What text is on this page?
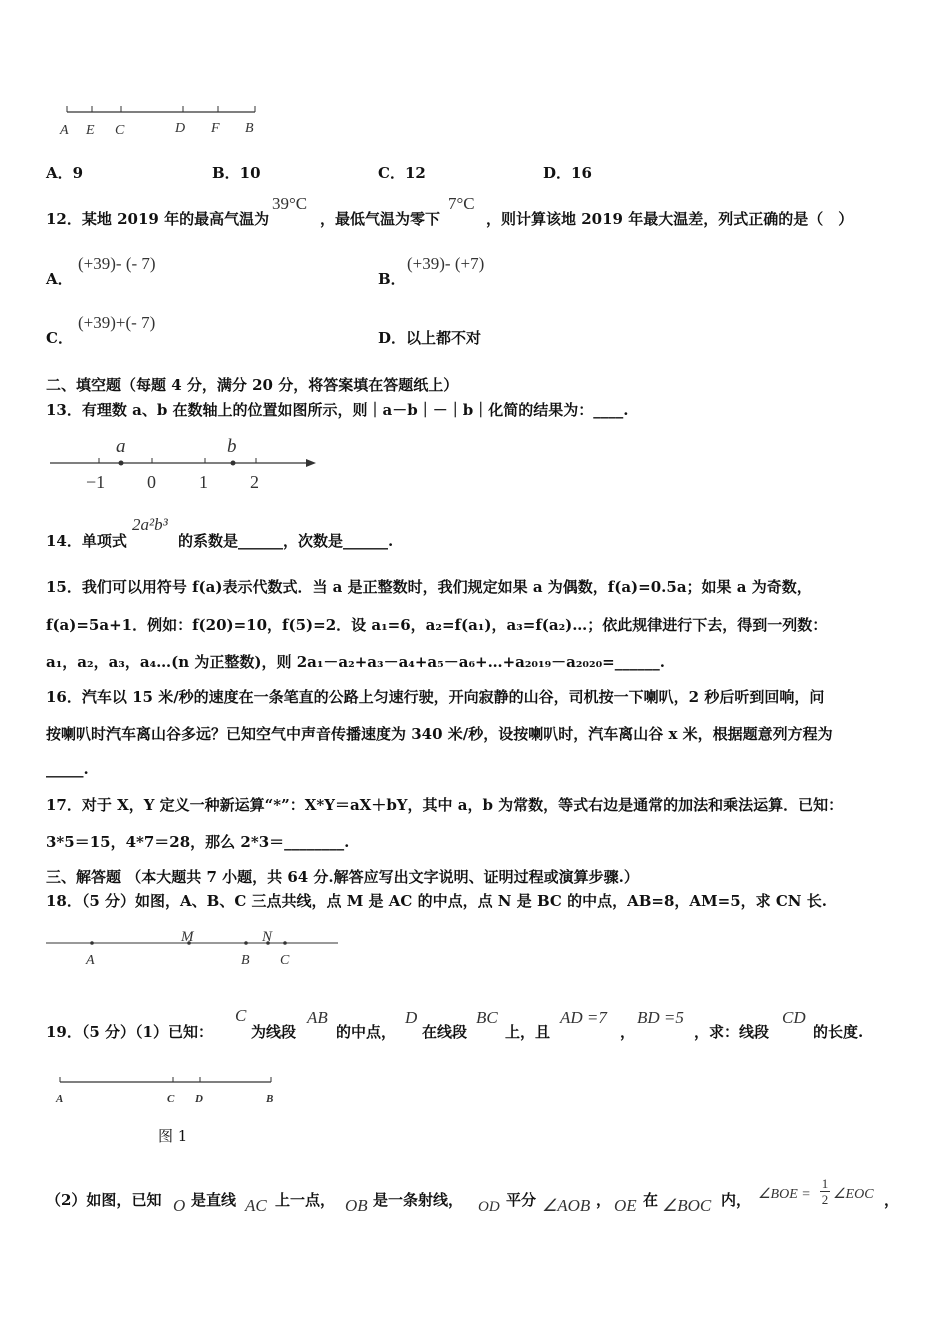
A E C	D F B
A．9	B．10	C．12	D．16
12．某地 2019 年的最高气温为
39°C
，最低气温为零下
7°C
，则计算该地 2019 年最大温差，列式正确的是（　）
A．
(+39)- (- 7)
B．
(+39)- (+7)
C．
(+39)+(- 7)
D．以上都不对
二、填空题（每题 4 分，满分 20 分，将答案填在答题纸上）
13．有理数 a、b 在数轴上的位置如图所示，则｜a－b｜－｜b｜化简的结果为：____.
a	b
−1 0 1 2
14．单项式
2a²b³
的系数是______，次数是______.
15．我们可以用符号 f(a)表示代数式．当 a 是正整数时，我们规定如果 a 为偶数，f(a)=0.5a；如果 a 为奇数，
f(a)=5a+1．例如：f(20)=10，f(5)=2．设 a₁=6，a₂=f(a₁)，a₃=f(a₂)…；依此规律进行下去，得到一列数：
a₁，a₂，a₃，a₄…(n 为正整数)，则 2a₁－a₂+a₃－a₄+a₅－a₆+…+a₂₀₁₉－a₂₀₂₀=______.
16．汽车以 15 米/秒的速度在一条笔直的公路上匀速行驶，开向寂静的山谷，司机按一下喇叭，2 秒后听到回响，问
按喇叭时汽车离山谷多远？已知空气中声音传播速度为 340 米/秒，设按喇叭时，汽车离山谷 x 米，根据题意列方程为
_____.
17．对于 X，Y 定义一种新运算“*”：X*Y＝aX＋bY，其中 a，b 为常数，等式右边是通常的加法和乘法运算．已知：
3*5＝15，4*7＝28，那么 2*3＝________.
三、解答题 （本大题共 7 小题，共 64 分.解答应写出文字说明、证明过程或演算步骤.）
18．（5 分）如图，A、B、C 三点共线，点 M 是 AC 的中点，点 N 是 BC 的中点，AB=8，AM=5，求 CN 长.
A
M	N
B C
19．（5 分）（1）已知：
C
为线段
AB
的中点，
D
在线段
BC
上，且
AD =7
，
BD =5
，求：线段
CD
的长度.
A	C D	B
图 1
（2）如图，已知 O 是直线 AC 上一点， OB 是一条射线， OD 平分 ∠AOB ， OE 在 ∠BOC 内， ∠BOE = $\frac{1}{2}$ ∠EOC ，
